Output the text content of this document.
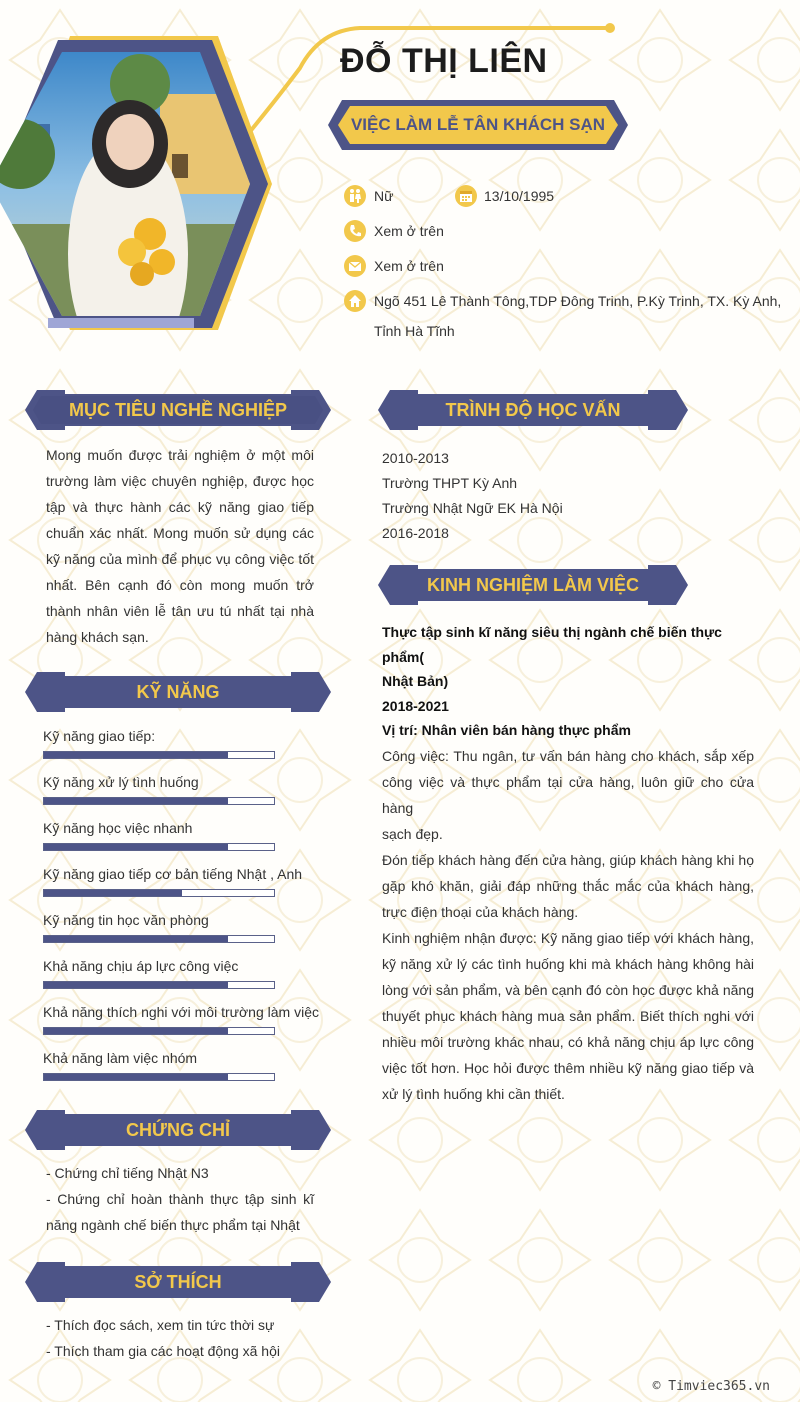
ĐỖ THỊ LIÊN
VIỆC LÀM LỄ TÂN KHÁCH SẠN
Nữ	13/10/1995
Xem ở trên
Xem ở trên
Ngõ 451 Lê Thành Tông,TDP Đông Trinh, P.Kỳ Trinh, TX. Kỳ Anh,
Tỉnh Hà Tĩnh
MỤC TIÊU NGHỀ NGHIỆP
Mong muốn được trải nghiệm ở một môi
trường làm việc chuyên nghiệp, được học
tập và thực hành các kỹ năng giao tiếp
chuẩn xác nhất. Mong muốn sử dụng các
kỹ năng của mình để phục vụ công việc tốt
nhất. Bên cạnh đó còn mong muốn trở
thành nhân viên lễ tân ưu tú nhất tại nhà
hàng khách sạn.
KỸ NĂNG
Kỹ năng giao tiếp:
Kỹ năng xử lý tình huống
Kỹ năng học việc nhanh
Kỹ năng giao tiếp cơ bản tiếng Nhật , Anh
Kỹ năng tin học văn phòng
Khả năng chịu áp lực công việc
Khả năng thích nghi với môi trường làm việc
Khả năng làm việc nhóm
CHỨNG CHỈ
- Chứng chỉ tiếng Nhật N3
- Chứng chỉ hoàn thành thực tập sinh kĩ
năng ngành chế biến thực phẩm tại Nhật
SỞ THÍCH
- Thích đọc sách, xem tin tức thời sự
- Thích tham gia các hoạt động xã hội
TRÌNH ĐỘ HỌC VẤN
2010-2013
Trường THPT Kỳ Anh
Trường Nhật Ngữ EK Hà Nội
2016-2018
KINH NGHIỆM LÀM VIỆC
Thực tập sinh kĩ năng siêu thị ngành chế biến thực phẩm(
Nhật Bản)
2018-2021
Vị trí: Nhân viên bán hàng thực phẩm
Công việc: Thu ngân, tư vấn bán hàng cho khách, sắp xếp
công việc và thực phẩm tại cửa hàng, luôn giữ cho cửa hàng
sạch đẹp.
Đón tiếp khách hàng đến cửa hàng, giúp khách hàng khi họ
gặp khó khăn, giải đáp những thắc mắc của khách hàng,
trực điện thoại của khách hàng.
Kinh nghiệm nhận được: Kỹ năng giao tiếp với khách hàng,
kỹ năng xử lý các tình huống khi mà khách hàng không hài
lòng với sản phẩm, và bên cạnh đó còn học được khả năng
thuyết phục khách hàng mua sản phẩm. Biết thích nghi với
nhiều môi trường khác nhau, có khả năng chịu áp lực công
việc tốt hơn. Học hỏi được thêm nhiều kỹ năng giao tiếp và
xử lý tình huống khi cần thiết.
© Timviec365.vn
